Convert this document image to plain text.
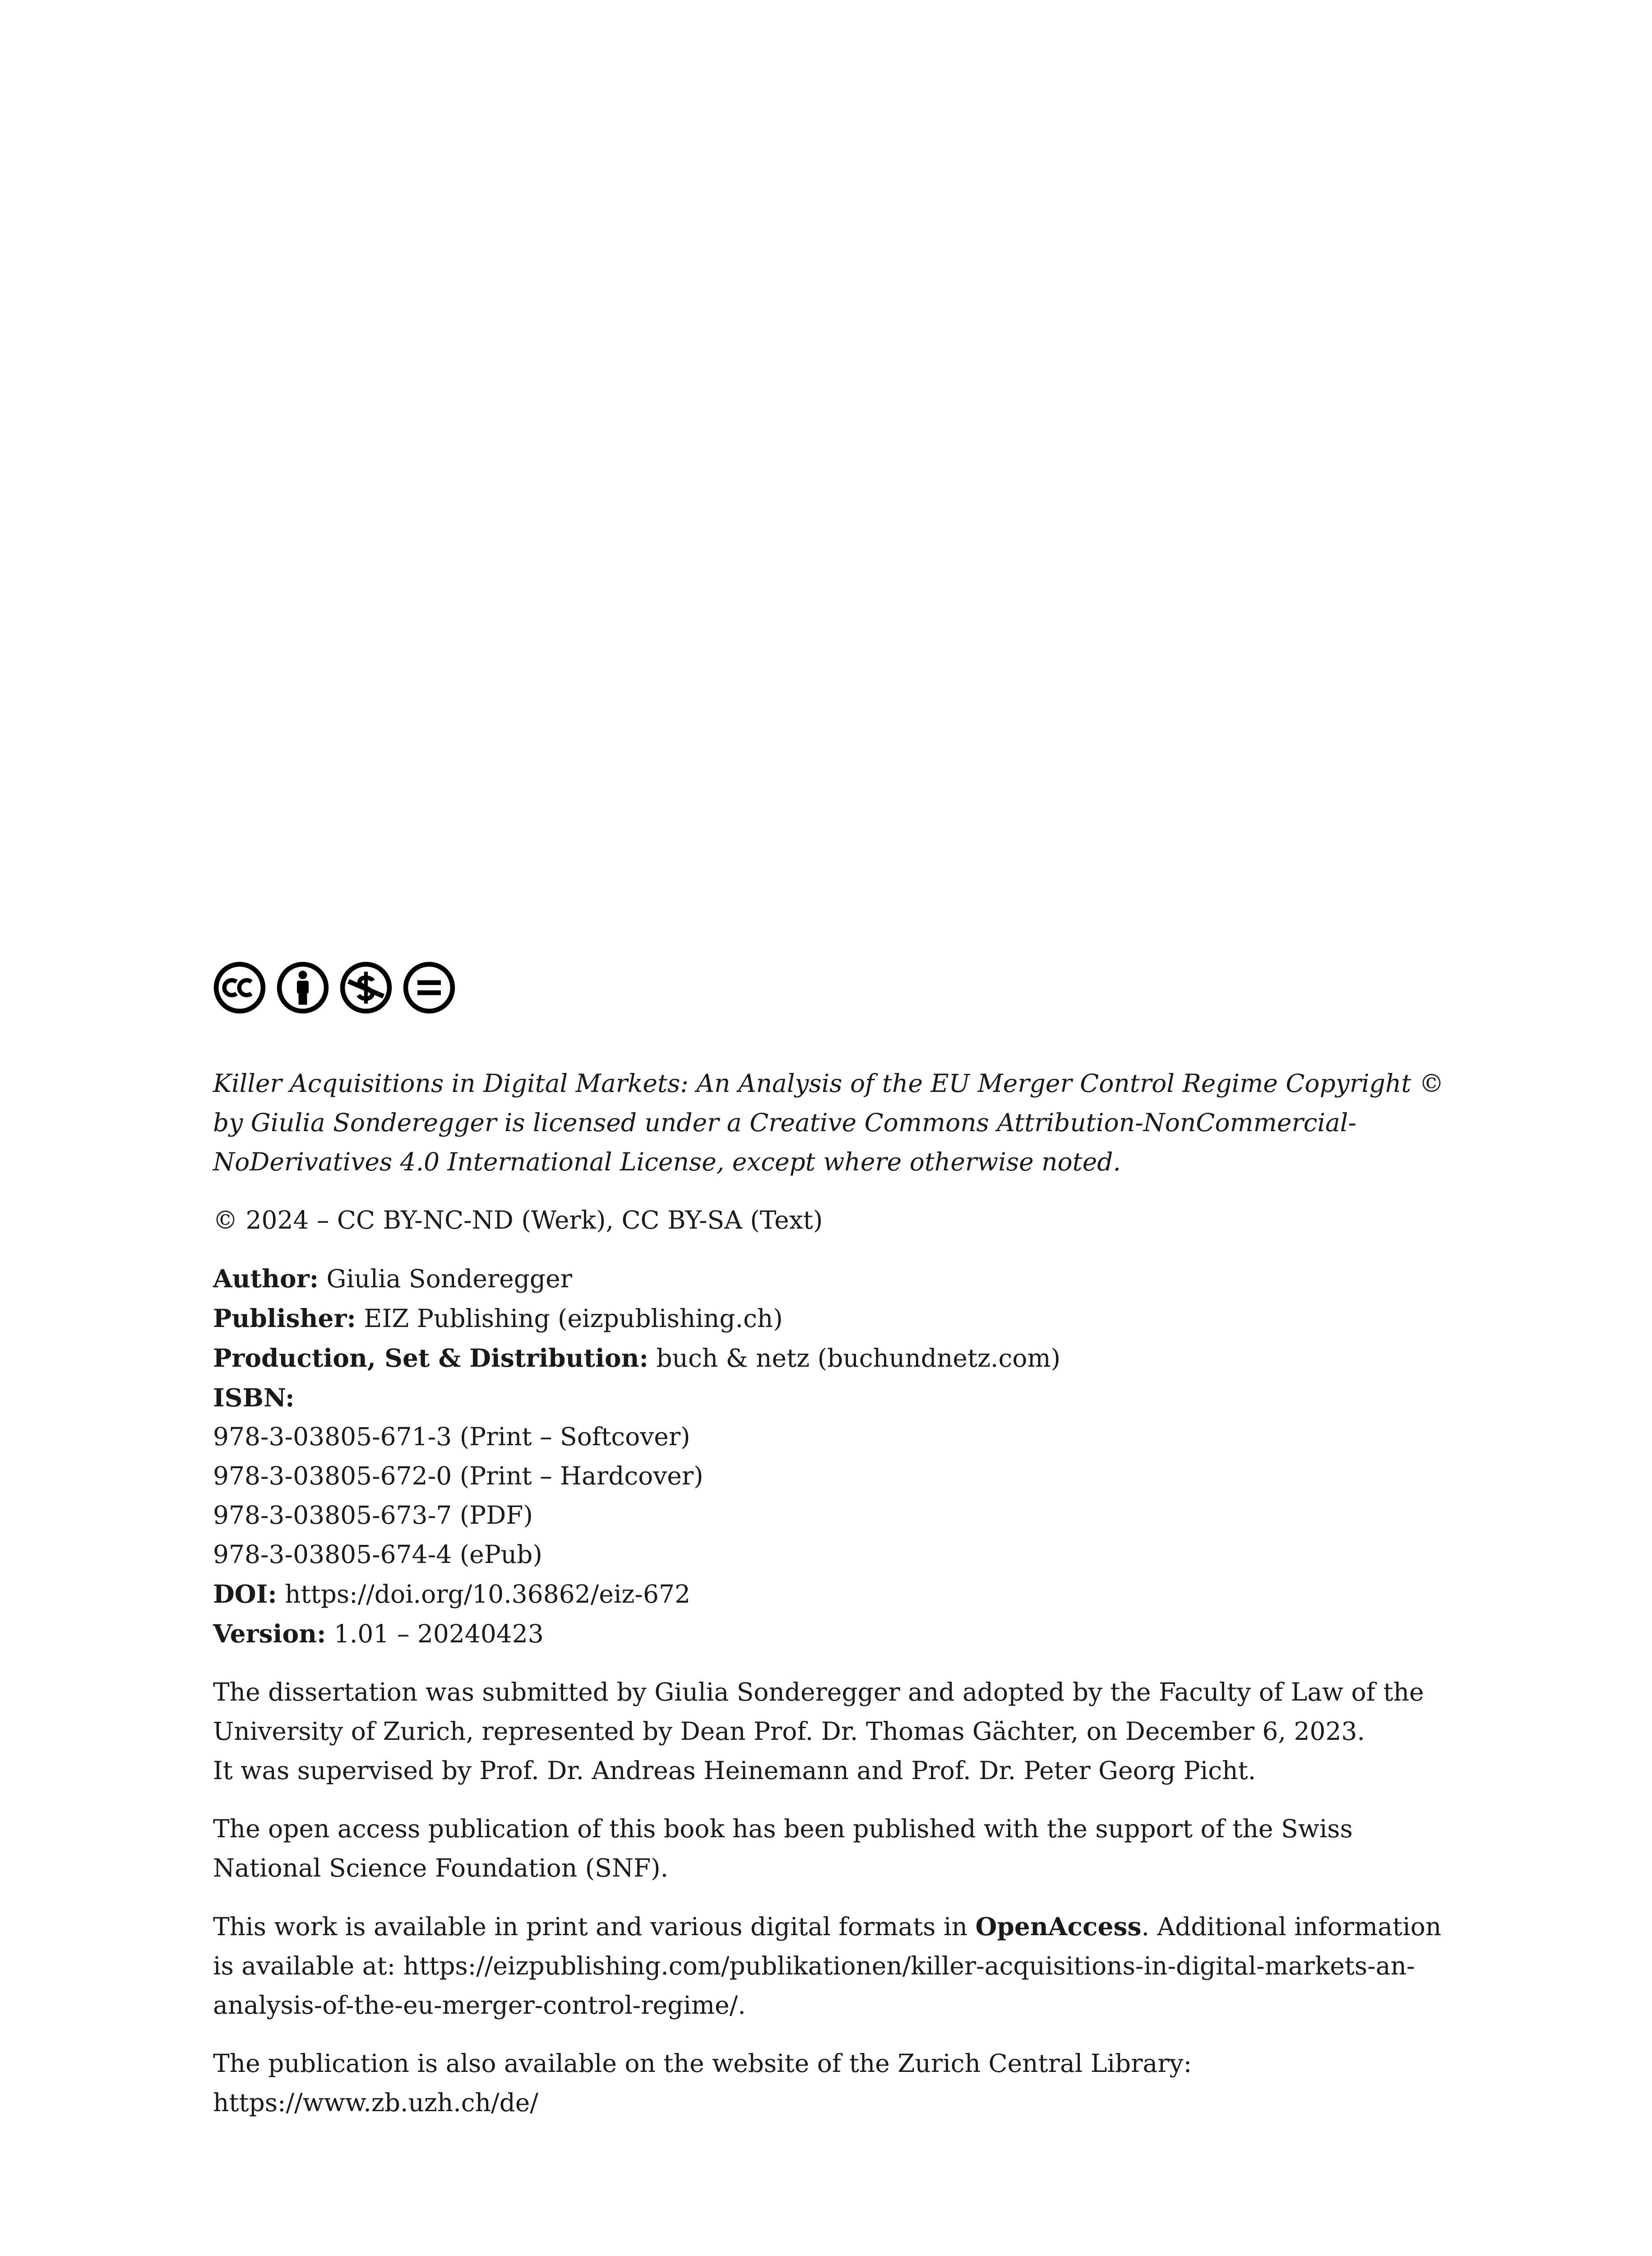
Killer Acquisitions in Digital Markets: An Analysis of the EU Merger Control Regime Copyright © by Giulia Sonderegger is licensed under a Creative Commons Attribution-NonCommercial-NoDerivatives 4.0 International License, except where otherwise noted.

© 2024 – CC BY-NC-ND (Werk), CC BY-SA (Text)

Author: Giulia Sonderegger
Publisher: EIZ Publishing (eizpublishing.ch)
Production, Set & Distribution: buch & netz (buchundnetz.com)
ISBN:
978-3-03805-671-3 (Print – Softcover)
978-3-03805-672-0 (Print – Hardcover)
978-3-03805-673-7 (PDF)
978-3-03805-674-4 (ePub)
DOI: https://doi.org/10.36862/eiz-672
Version: 1.01 – 20240423
The dissertation was submitted by Giulia Sonderegger and adopted by the Faculty of Law of the University of Zurich, represented by Dean Prof. Dr. Thomas Gächter, on December 6, 2023.
It was supervised by Prof. Dr. Andreas Heinemann and Prof. Dr. Peter Georg Picht.

The open access publication of this book has been published with the support of the Swiss National Science Foundation (SNF).

This work is available in print and various digital formats in OpenAccess. Additional information is available at: https://eizpublishing.com/publikationen/killer-acquisitions-in-digital-markets-an-analysis-of-the-eu-merger-control-regime/.

The publication is also available on the website of the Zurich Central Library:
https://www.zb.uzh.ch/de/
